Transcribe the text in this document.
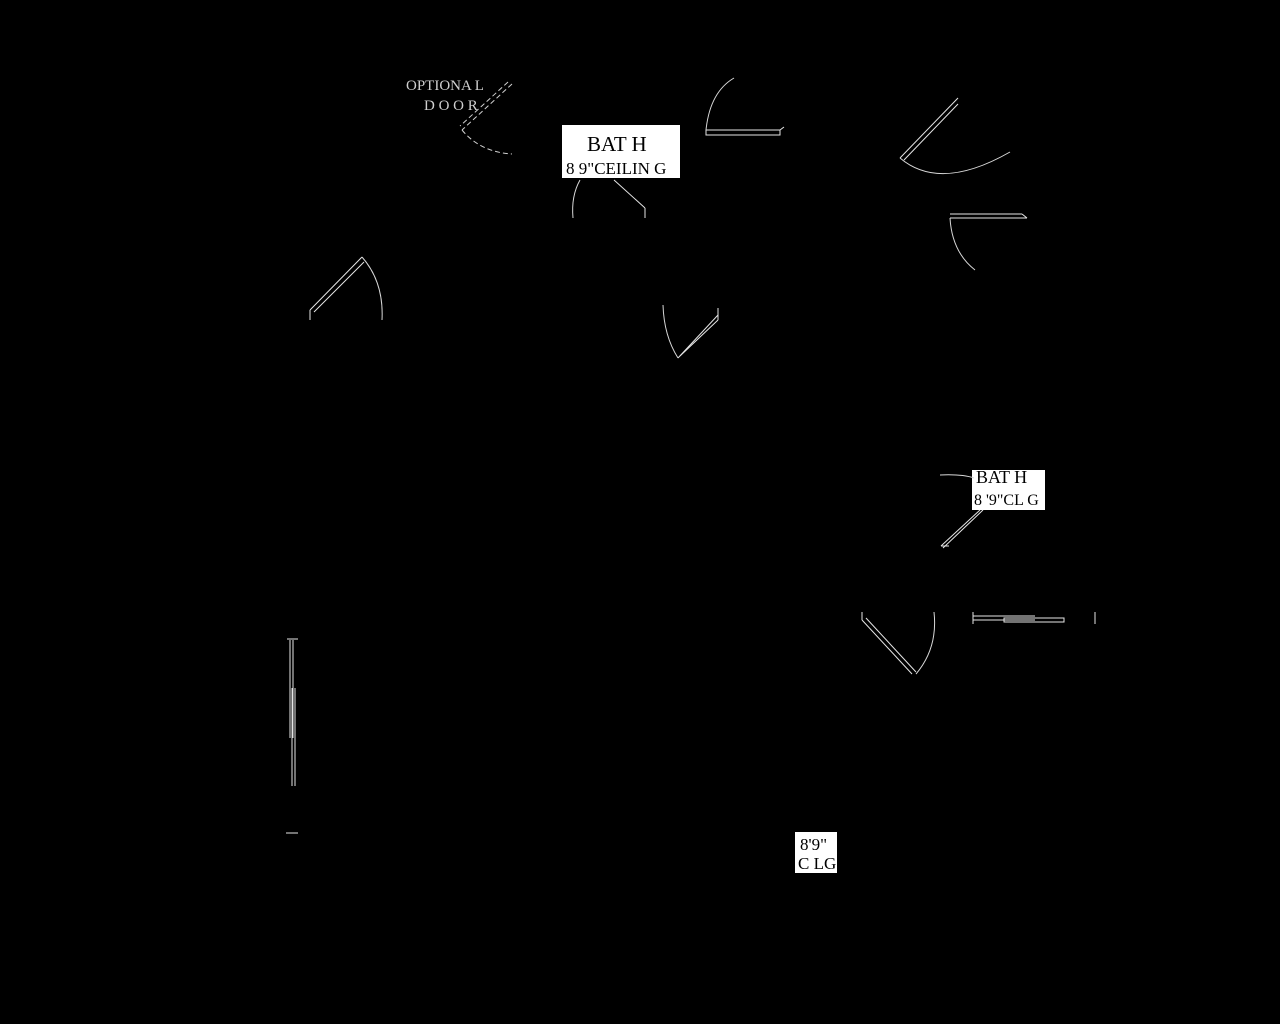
OPTIONA L
D O O R
BAT H
8 9"CEILIN G
BAT H
8 '9"CL G
8'9"
C LG
